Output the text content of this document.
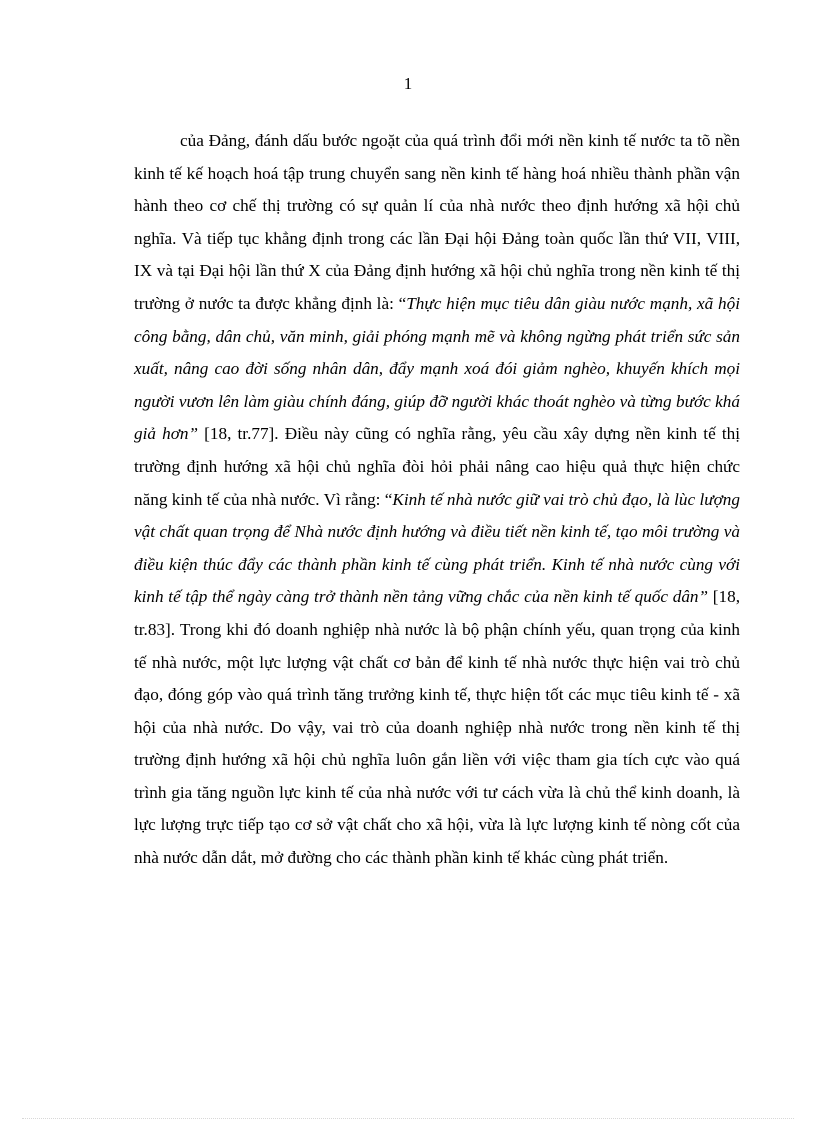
1

của Đảng, đánh dấu bước ngoặt của quá trình đổi mới nền kinh tế nước ta tõ nền kinh tế kế hoạch hoá tập trung chuyển sang nền kinh tế hàng hoá nhiều thành phần vận hành theo cơ chế thị trường có sự quản lí của nhà nước theo định hướng xã hội chủ nghĩa. Và tiếp tục khẳng định trong các lần Đại hội Đảng toàn quốc lần thứ VII, VIII, IX và tại Đại hội lần thứ X của Đảng định hướng xã hội chủ nghĩa trong nền kinh tế thị trường ở nước ta được khẳng định là: “Thực hiện mục tiêu dân giàu nước mạnh, xã hội công bằng, dân chủ, văn minh, giải phóng mạnh mẽ và không ngừng phát triển sức sản xuất, nâng cao đời sống nhân dân, đẩy mạnh xoá đói giảm nghèo, khuyến khích mọi người vươn lên làm giàu chính đáng, giúp đỡ người khác thoát nghèo và từng bước khá giả hơn” [18, tr.77]. Điều này cũng có nghĩa rằng, yêu cầu xây dựng nền kinh tế thị trường định hướng xã hội chủ nghĩa đòi hỏi phải nâng cao hiệu quả thực hiện chức năng kinh tế của nhà nước. Vì rằng: “Kinh tế nhà nước giữ vai trò chủ đạo, là lùc lượng vật chất quan trọng để Nhà nước định hướng và điều tiết nền kinh tế, tạo môi trường và điều kiện thúc đẩy các thành phần kinh tế cùng phát triển. Kinh tế nhà nước cùng với kinh tế tập thể ngày càng trở thành nền tảng vững chắc của nền kinh tế quốc dân” [18, tr.83]. Trong khi đó doanh nghiệp nhà nước là bộ phận chính yếu, quan trọng của kinh tế nhà nước, một lực lượng vật chất cơ bản để kinh tế nhà nước thực hiện vai trò chủ đạo, đóng góp vào quá trình tăng trưởng kinh tế, thực hiện tốt các mục tiêu kinh tế - xã hội của nhà nước. Do vậy, vai trò của doanh nghiệp nhà nước trong nền kinh tế thị trường định hướng xã hội chủ nghĩa luôn gắn liền với việc tham gia tích cực vào quá trình gia tăng nguồn lực kinh tế của nhà nước với tư cách vừa là chủ thể kinh doanh, là lực lượng trực tiếp tạo cơ sở vật chất cho xã hội, vừa là lực lượng kinh tế nòng cốt của nhà nước dẫn dắt, mở đường cho các thành phần kinh tế khác cùng phát triển.
